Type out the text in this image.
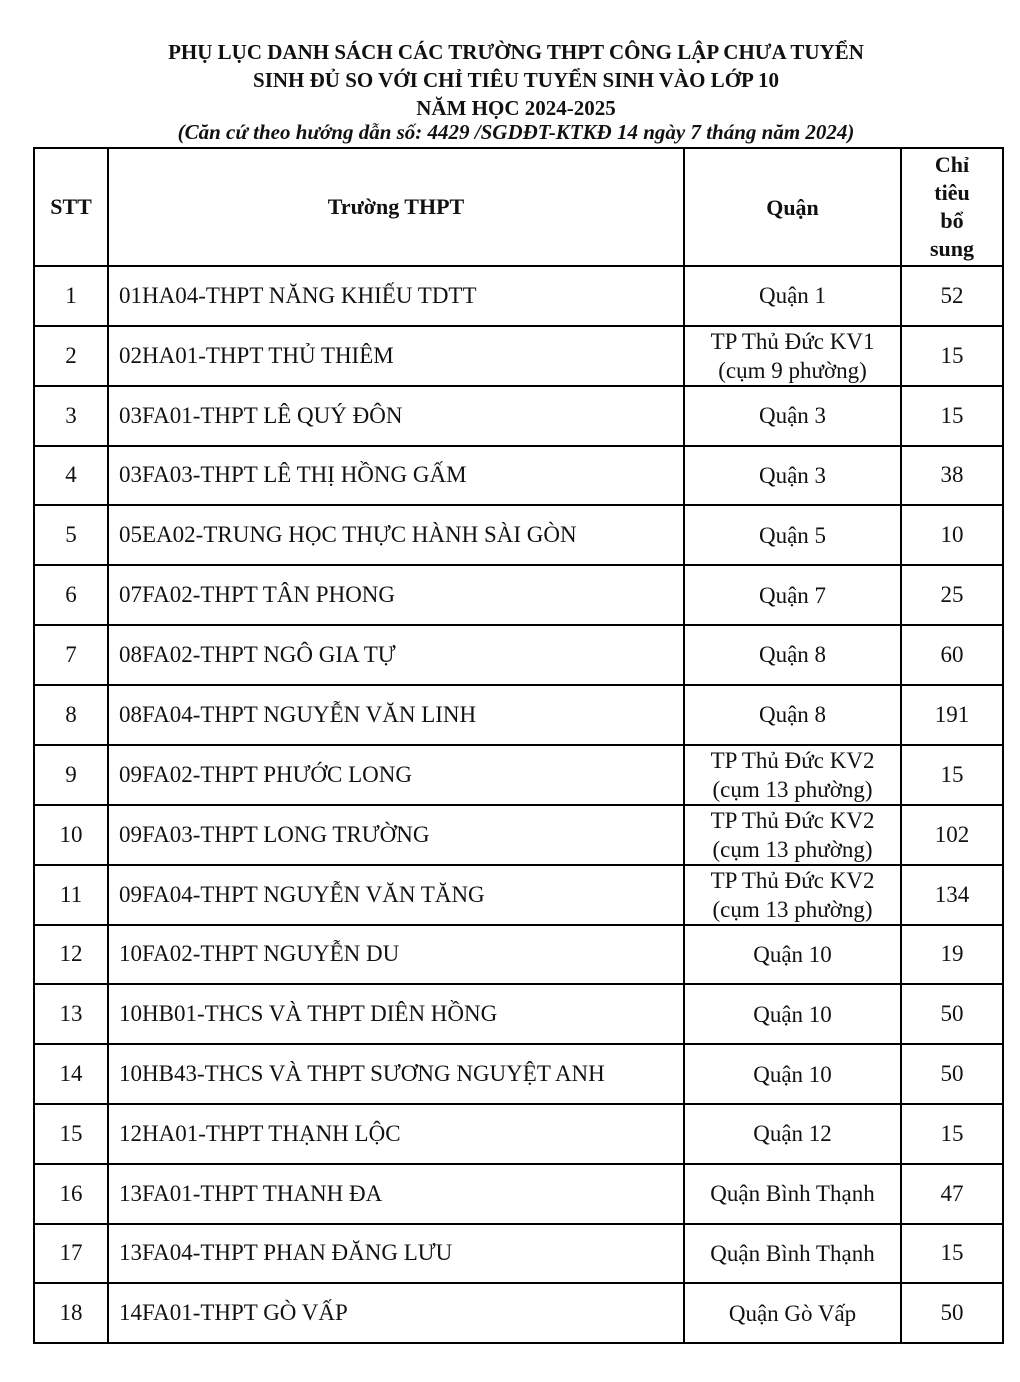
PHỤ LỤC DANH SÁCH CÁC TRƯỜNG THPT CÔNG LẬP CHƯA TUYỂN
SINH ĐỦ SO VỚI CHỈ TIÊU TUYỂN SINH VÀO LỚP 10
NĂM HỌC 2024-2025
(Căn cứ theo hướng dẫn số: 4429 /SGDĐT-KTKĐ 14 ngày 7 tháng năm 2024)
STT	Trường THPT	Quận	Chỉ
tiêu
bổ
sung

1	01HA04-THPT NĂNG KHIẾU TDTT	Quận 1	52
2	02HA01-THPT THỦ THIÊM	TP Thủ Đức KV1
(cụm 9 phường)	15
3	03FA01-THPT LÊ QUÝ ĐÔN	Quận 3	15
4	03FA03-THPT LÊ THỊ HỒNG GẤM	Quận 3	38
5	05EA02-TRUNG HỌC THỰC HÀNH SÀI GÒN	Quận 5	10
6	07FA02-THPT TÂN PHONG	Quận 7	25
7	08FA02-THPT NGÔ GIA TỰ	Quận 8	60
8	08FA04-THPT NGUYỄN VĂN LINH	Quận 8	191
9	09FA02-THPT PHƯỚC LONG	TP Thủ Đức KV2
(cụm 13 phường)	15
10	09FA03-THPT LONG TRƯỜNG	TP Thủ Đức KV2
(cụm 13 phường)	102
11	09FA04-THPT NGUYỄN VĂN TĂNG	TP Thủ Đức KV2
(cụm 13 phường)	134
12	10FA02-THPT NGUYỄN DU	Quận 10	19
13	10HB01-THCS VÀ THPT DIÊN HỒNG	Quận 10	50
14	10HB43-THCS VÀ THPT SƯƠNG NGUYỆT ANH	Quận 10	50
15	12HA01-THPT THẠNH LỘC	Quận 12	15
16	13FA01-THPT THANH ĐA	Quận Bình Thạnh	47
17	13FA04-THPT PHAN ĐĂNG LƯU	Quận Bình Thạnh	15
18	14FA01-THPT GÒ VẤP	Quận Gò Vấp	50
